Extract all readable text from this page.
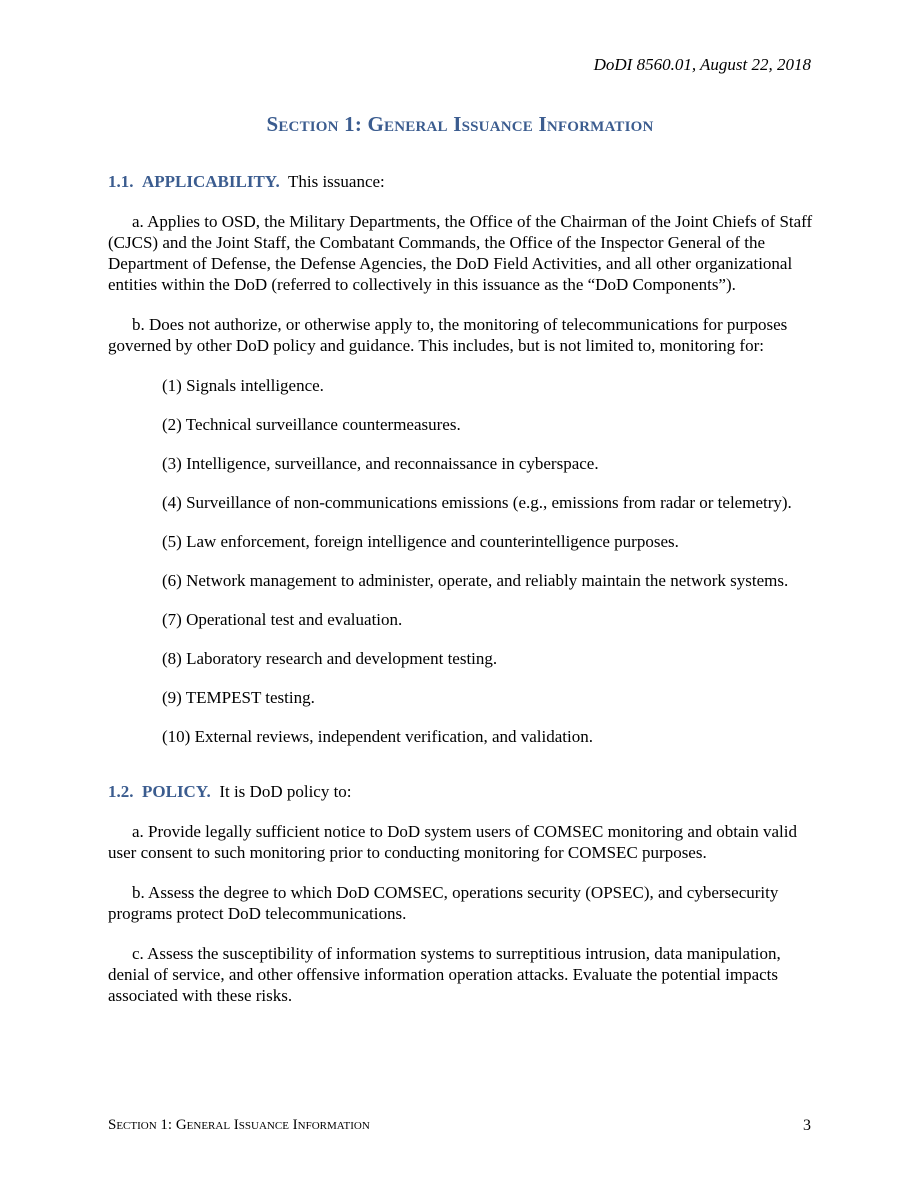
DoDI 8560.01, August 22, 2018
Section 1: General Issuance Information
1.1. APPLICABILITY. This issuance:

a. Applies to OSD, the Military Departments, the Office of the Chairman of the Joint Chiefs of Staff (CJCS) and the Joint Staff, the Combatant Commands, the Office of the Inspector General of the Department of Defense, the Defense Agencies, the DoD Field Activities, and all other organizational entities within the DoD (referred to collectively in this issuance as the “DoD Components”).

b. Does not authorize, or otherwise apply to, the monitoring of telecommunications for purposes governed by other DoD policy and guidance. This includes, but is not limited to, monitoring for:

(1) Signals intelligence.

(2) Technical surveillance countermeasures.

(3) Intelligence, surveillance, and reconnaissance in cyberspace.

(4) Surveillance of non-communications emissions (e.g., emissions from radar or telemetry).

(5) Law enforcement, foreign intelligence and counterintelligence purposes.

(6) Network management to administer, operate, and reliably maintain the network systems.

(7) Operational test and evaluation.

(8) Laboratory research and development testing.

(9) TEMPEST testing.

(10) External reviews, independent verification, and validation.

1.2. POLICY. It is DoD policy to:

a. Provide legally sufficient notice to DoD system users of COMSEC monitoring and obtain valid user consent to such monitoring prior to conducting monitoring for COMSEC purposes.

b. Assess the degree to which DoD COMSEC, operations security (OPSEC), and cybersecurity programs protect DoD telecommunications.

c. Assess the susceptibility of information systems to surreptitious intrusion, data manipulation, denial of service, and other offensive information operation attacks. Evaluate the potential impacts associated with these risks.

Section 1: General Issuance Information	3
